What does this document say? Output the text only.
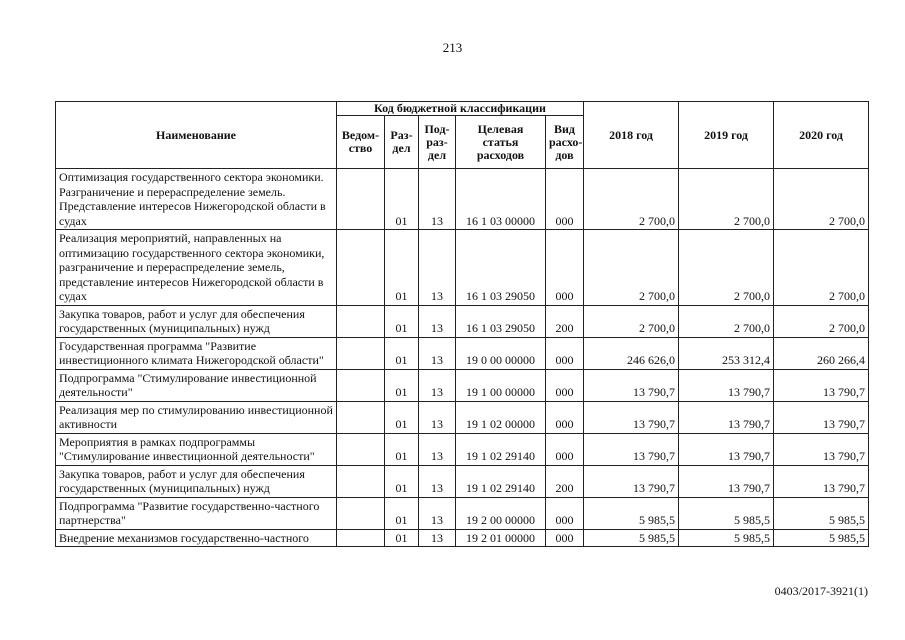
213
Наименование	Код бюджетной классификации					2018 год	2019 год	2020 год
	Ведом-ство	Раз-дел	Под-раз-дел	Целевая статья расходов	Вид расхо-дов			
Оптимизация государственного сектора экономики. Разграничение и перераспределение земель. Представление интересов Нижегородской области в судах		01	13	16 1 03 00000	000	2 700,0	2 700,0	2 700,0
Реализация мероприятий, направленных на оптимизацию государственного сектора экономики, разграничение и перераспределение земель, представление интересов Нижегородской области в судах		01	13	16 1 03 29050	000	2 700,0	2 700,0	2 700,0
Закупка товаров, работ и услуг для обеспечения государственных (муниципальных) нужд		01	13	16 1 03 29050	200	2 700,0	2 700,0	2 700,0
Государственная программа "Развитие инвестиционного климата Нижегородской области"		01	13	19 0 00 00000	000	246 626,0	253 312,4	260 266,4
Подпрограмма "Стимулирование инвестиционной деятельности"		01	13	19 1 00 00000	000	13 790,7	13 790,7	13 790,7
Реализация мер по стимулированию инвестиционной активности		01	13	19 1 02 00000	000	13 790,7	13 790,7	13 790,7
Мероприятия в рамках подпрограммы "Стимулирование инвестиционной деятельности"		01	13	19 1 02 29140	000	13 790,7	13 790,7	13 790,7
Закупка товаров, работ и услуг для обеспечения государственных (муниципальных) нужд		01	13	19 1 02 29140	200	13 790,7	13 790,7	13 790,7
Подпрограмма "Развитие государственно-частного партнерства"		01	13	19 2 00 00000	000	5 985,5	5 985,5	5 985,5
Внедрение механизмов государственно-частного		01	13	19 2 01 00000	000	5 985,5	5 985,5	5 985,5
0403/2017-3921(1)
